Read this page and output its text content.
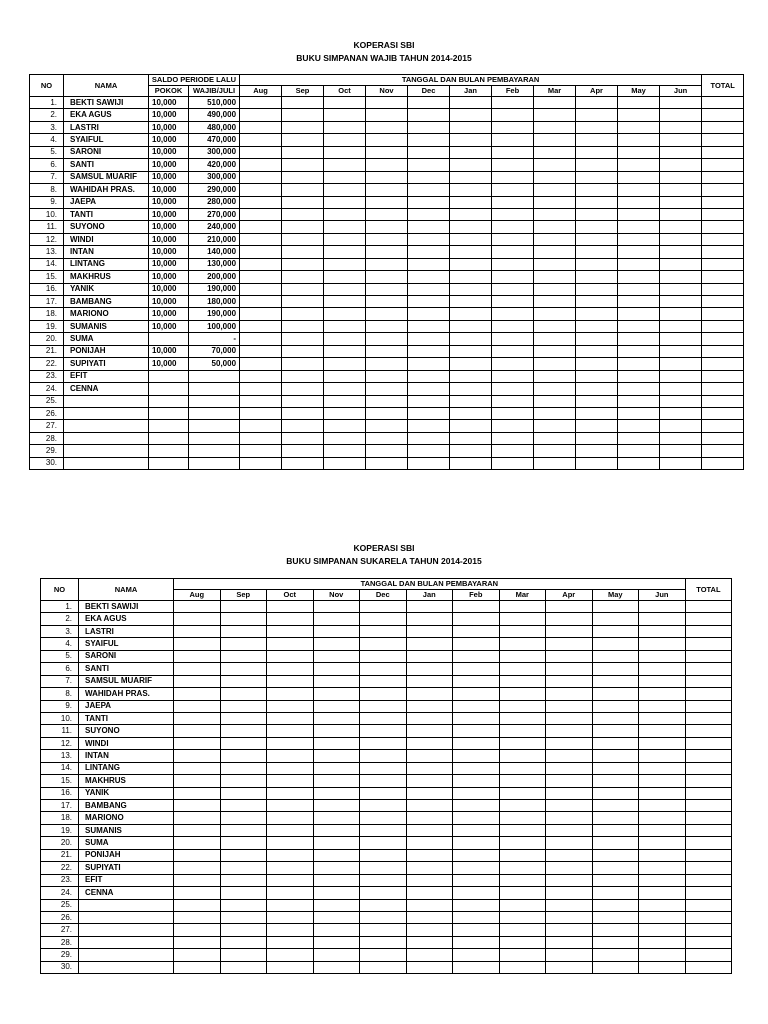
KOPERASI SBI
BUKU SIMPANAN WAJIB TAHUN 2014-2015
NO	NAMA	SALDO PERIODE LALU		TANGGAL DAN BULAN PEMBAYARAN											TOTAL
		POKOK	WAJIB/JULI	Aug	Sep	Oct	Nov	Dec	Jan	Feb	Mar	Apr	May	Jun	
1.	BEKTI SAWIJI	10,000	510,000												
2.	EKA AGUS	10,000	490,000												
3.	LASTRI	10,000	480,000												
4.	SYAIFUL	10,000	470,000												
5.	SARONI	10,000	300,000												
6.	SANTI	10,000	420,000												
7.	SAMSUL MUARIF	10,000	300,000												
8.	WAHIDAH PRAS.	10,000	290,000												
9.	JAEPA	10,000	280,000												
10.	TANTI	10,000	270,000												
11.	SUYONO	10,000	240,000												
12.	WINDI	10,000	210,000												
13.	INTAN	10,000	140,000												
14.	LINTANG	10,000	130,000												
15.	MAKHRUS	10,000	200,000												
16.	YANIK	10,000	190,000												
17.	BAMBANG	10,000	180,000												
18.	MARIONO	10,000	190,000												
19.	SUMANIS	10,000	100,000												
20.	SUMA		-												
21.	PONIJAH	10,000	70,000												
22.	SUPIYATI	10,000	50,000												
23.	EFIT														
24.	CENNA														
25.															
26.															
27.															
28.															
29.															
30.															
KOPERASI SBI
BUKU SIMPANAN SUKARELA TAHUN 2014-2015
NO	NAMA	TANGGAL DAN BULAN PEMBAYARAN											TOTAL
		Aug	Sep	Oct	Nov	Dec	Jan	Feb	Mar	Apr	May	Jun	
1.	BEKTI SAWIJI												
2.	EKA AGUS												
3.	LASTRI												
4.	SYAIFUL												
5.	SARONI												
6.	SANTI												
7.	SAMSUL MUARIF												
8.	WAHIDAH PRAS.												
9.	JAEPA												
10.	TANTI												
11.	SUYONO												
12.	WINDI												
13.	INTAN												
14.	LINTANG												
15.	MAKHRUS												
16.	YANIK												
17.	BAMBANG												
18.	MARIONO												
19.	SUMANIS												
20.	SUMA												
21.	PONIJAH												
22.	SUPIYATI												
23.	EFIT												
24.	CENNA												
25.													
26.													
27.													
28.													
29.													
30.													
